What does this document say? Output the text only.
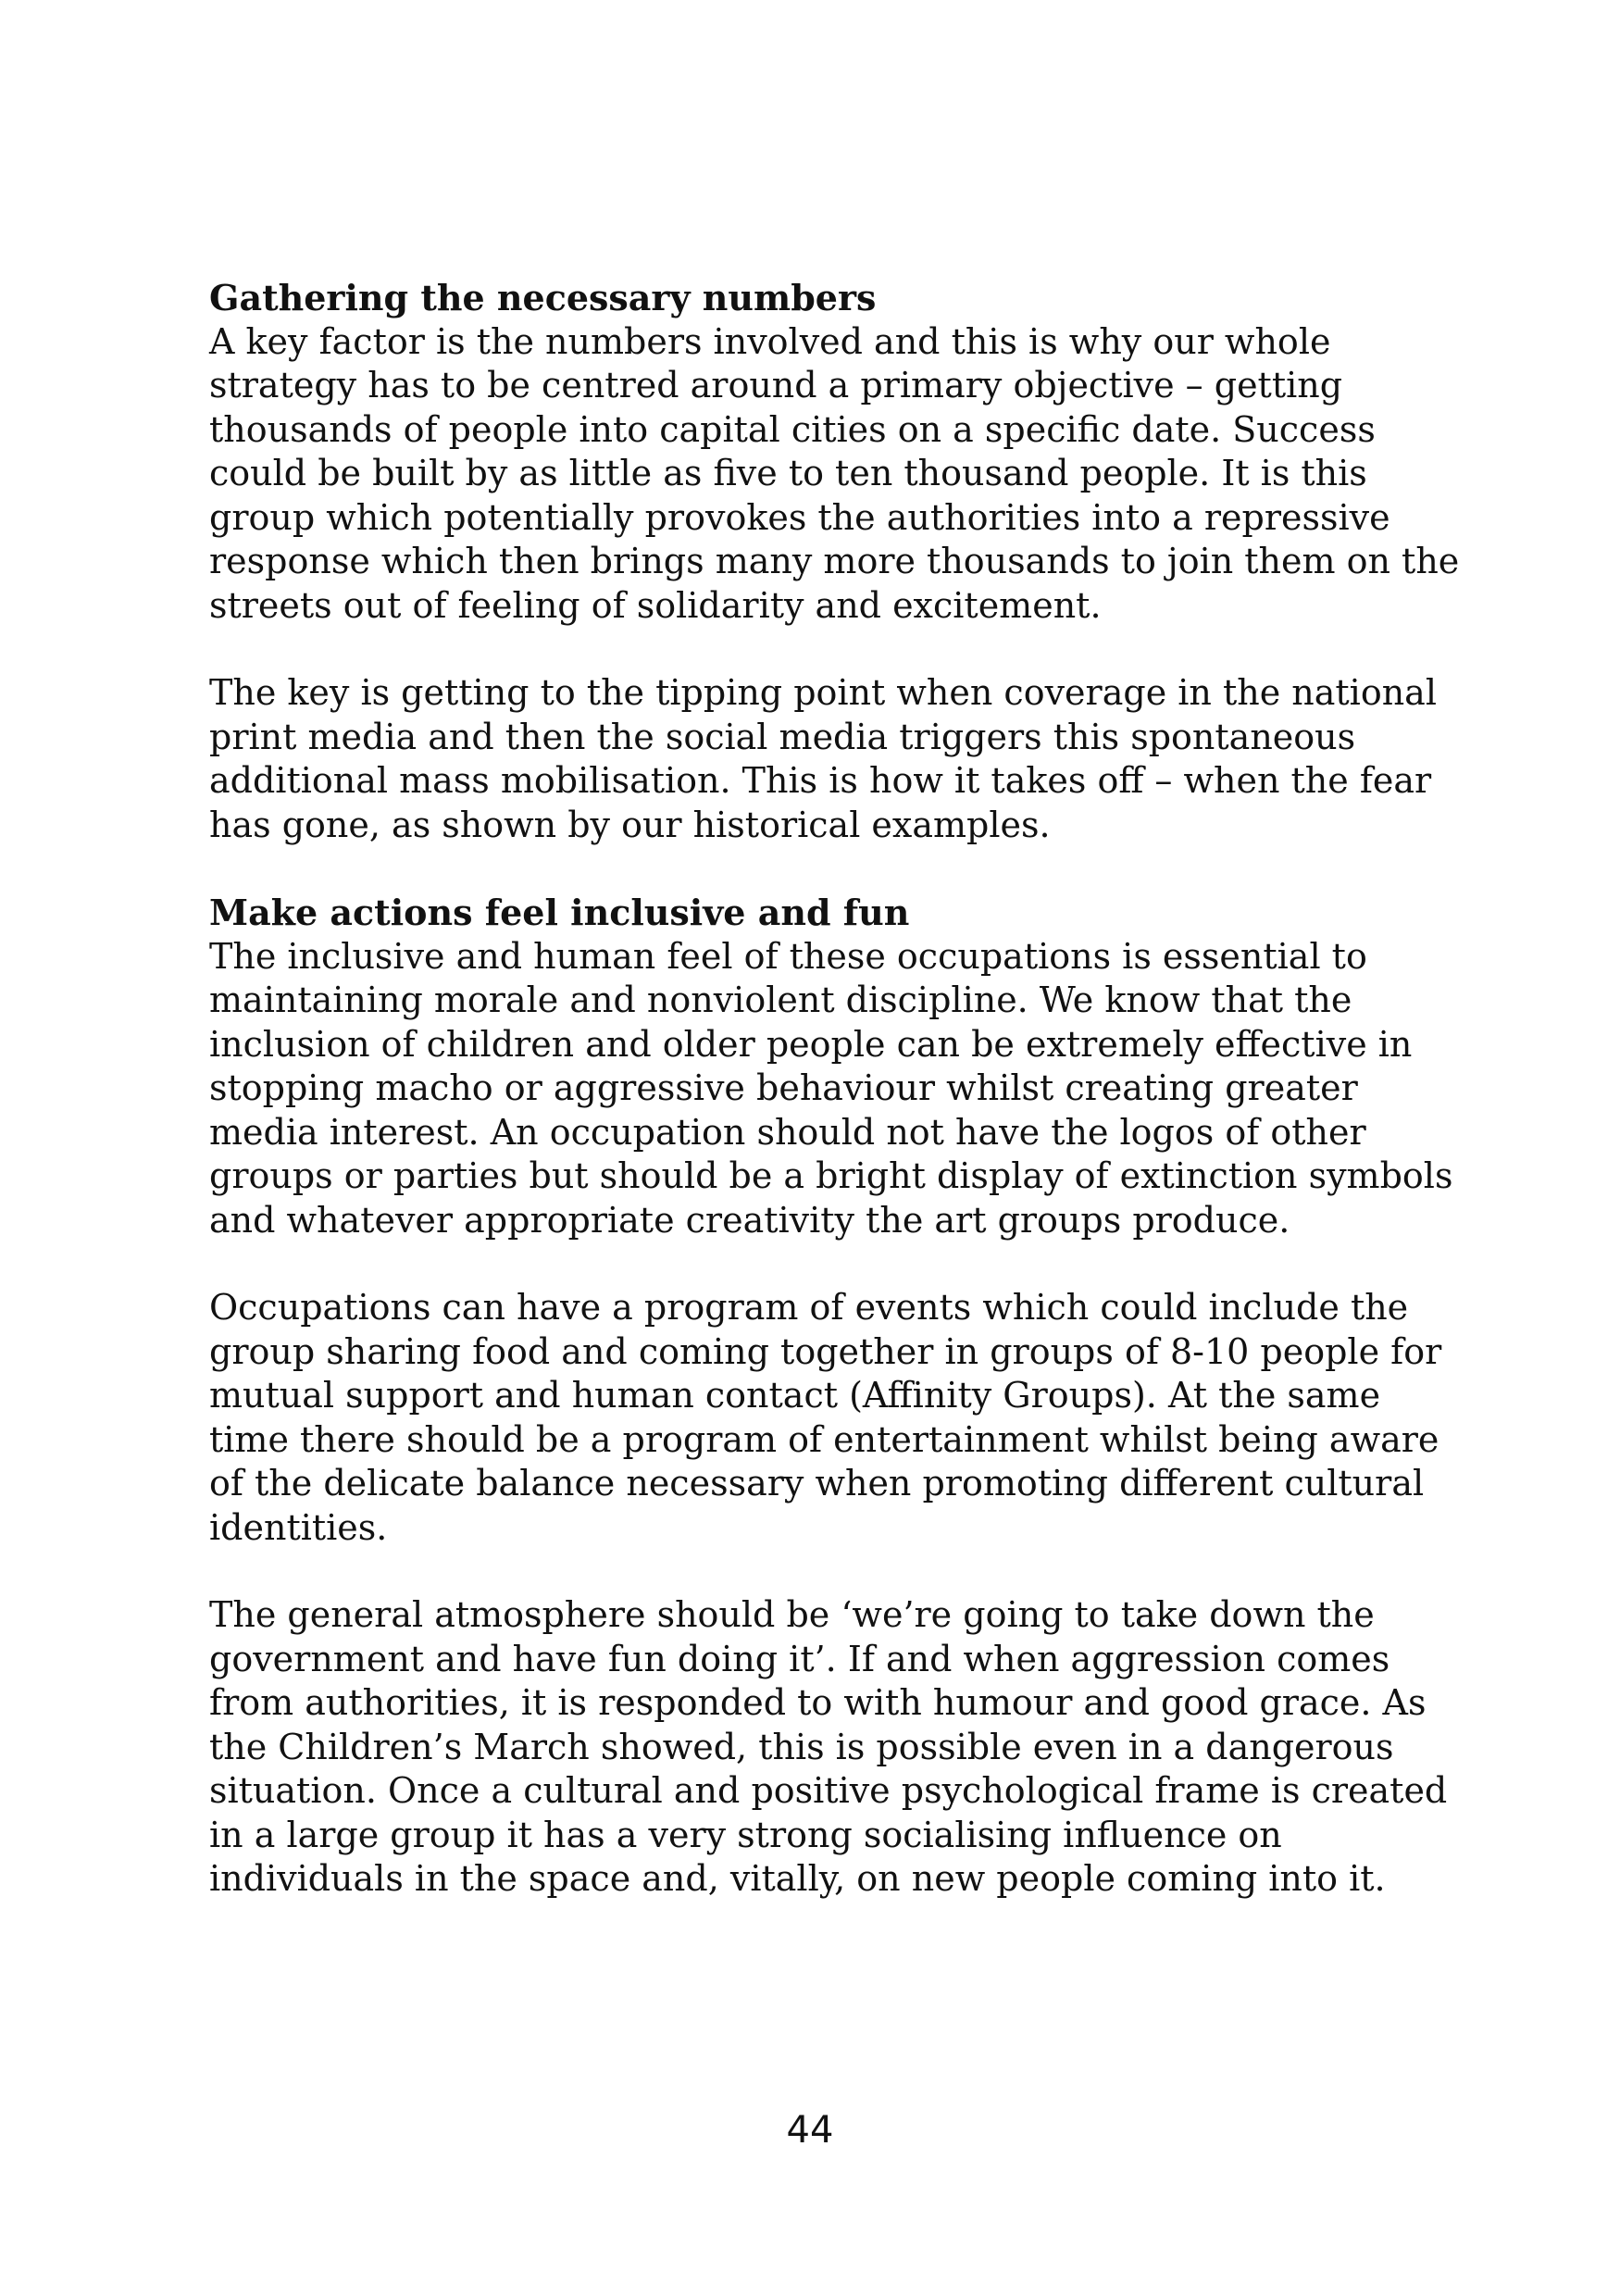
Gathering the necessary numbers

A key factor is the numbers involved and this is why our whole
strategy has to be centred around a primary objective – getting
thousands of people into capital cities on a specific date. Success
could be built by as little as five to ten thousand people. It is this
group which potentially provokes the authorities into a repressive
response which then brings many more thousands to join them on the
streets out of feeling of solidarity and excitement.

The key is getting to the tipping point when coverage in the national
print media and then the social media triggers this spontaneous
additional mass mobilisation. This is how it takes off – when the fear
has gone, as shown by our historical examples.

Make actions feel inclusive and fun

The inclusive and human feel of these occupations is essential to
maintaining morale and nonviolent discipline. We know that the
inclusion of children and older people can be extremely effective in
stopping macho or aggressive behaviour whilst creating greater
media interest. An occupation should not have the logos of other
groups or parties but should be a bright display of extinction symbols
and whatever appropriate creativity the art groups produce.

Occupations can have a program of events which could include the
group sharing food and coming together in groups of 8-10 people for
mutual support and human contact (Affinity Groups). At the same
time there should be a program of entertainment whilst being aware
of the delicate balance necessary when promoting different cultural
identities.

The general atmosphere should be ‘we’re going to take down the
government and have fun doing it’. If and when aggression comes
from authorities, it is responded to with humour and good grace. As
the Children’s March showed, this is possible even in a dangerous
situation. Once a cultural and positive psychological frame is created
in a large group it has a very strong socialising influence on
individuals in the space and, vitally, on new people coming into it.

44
